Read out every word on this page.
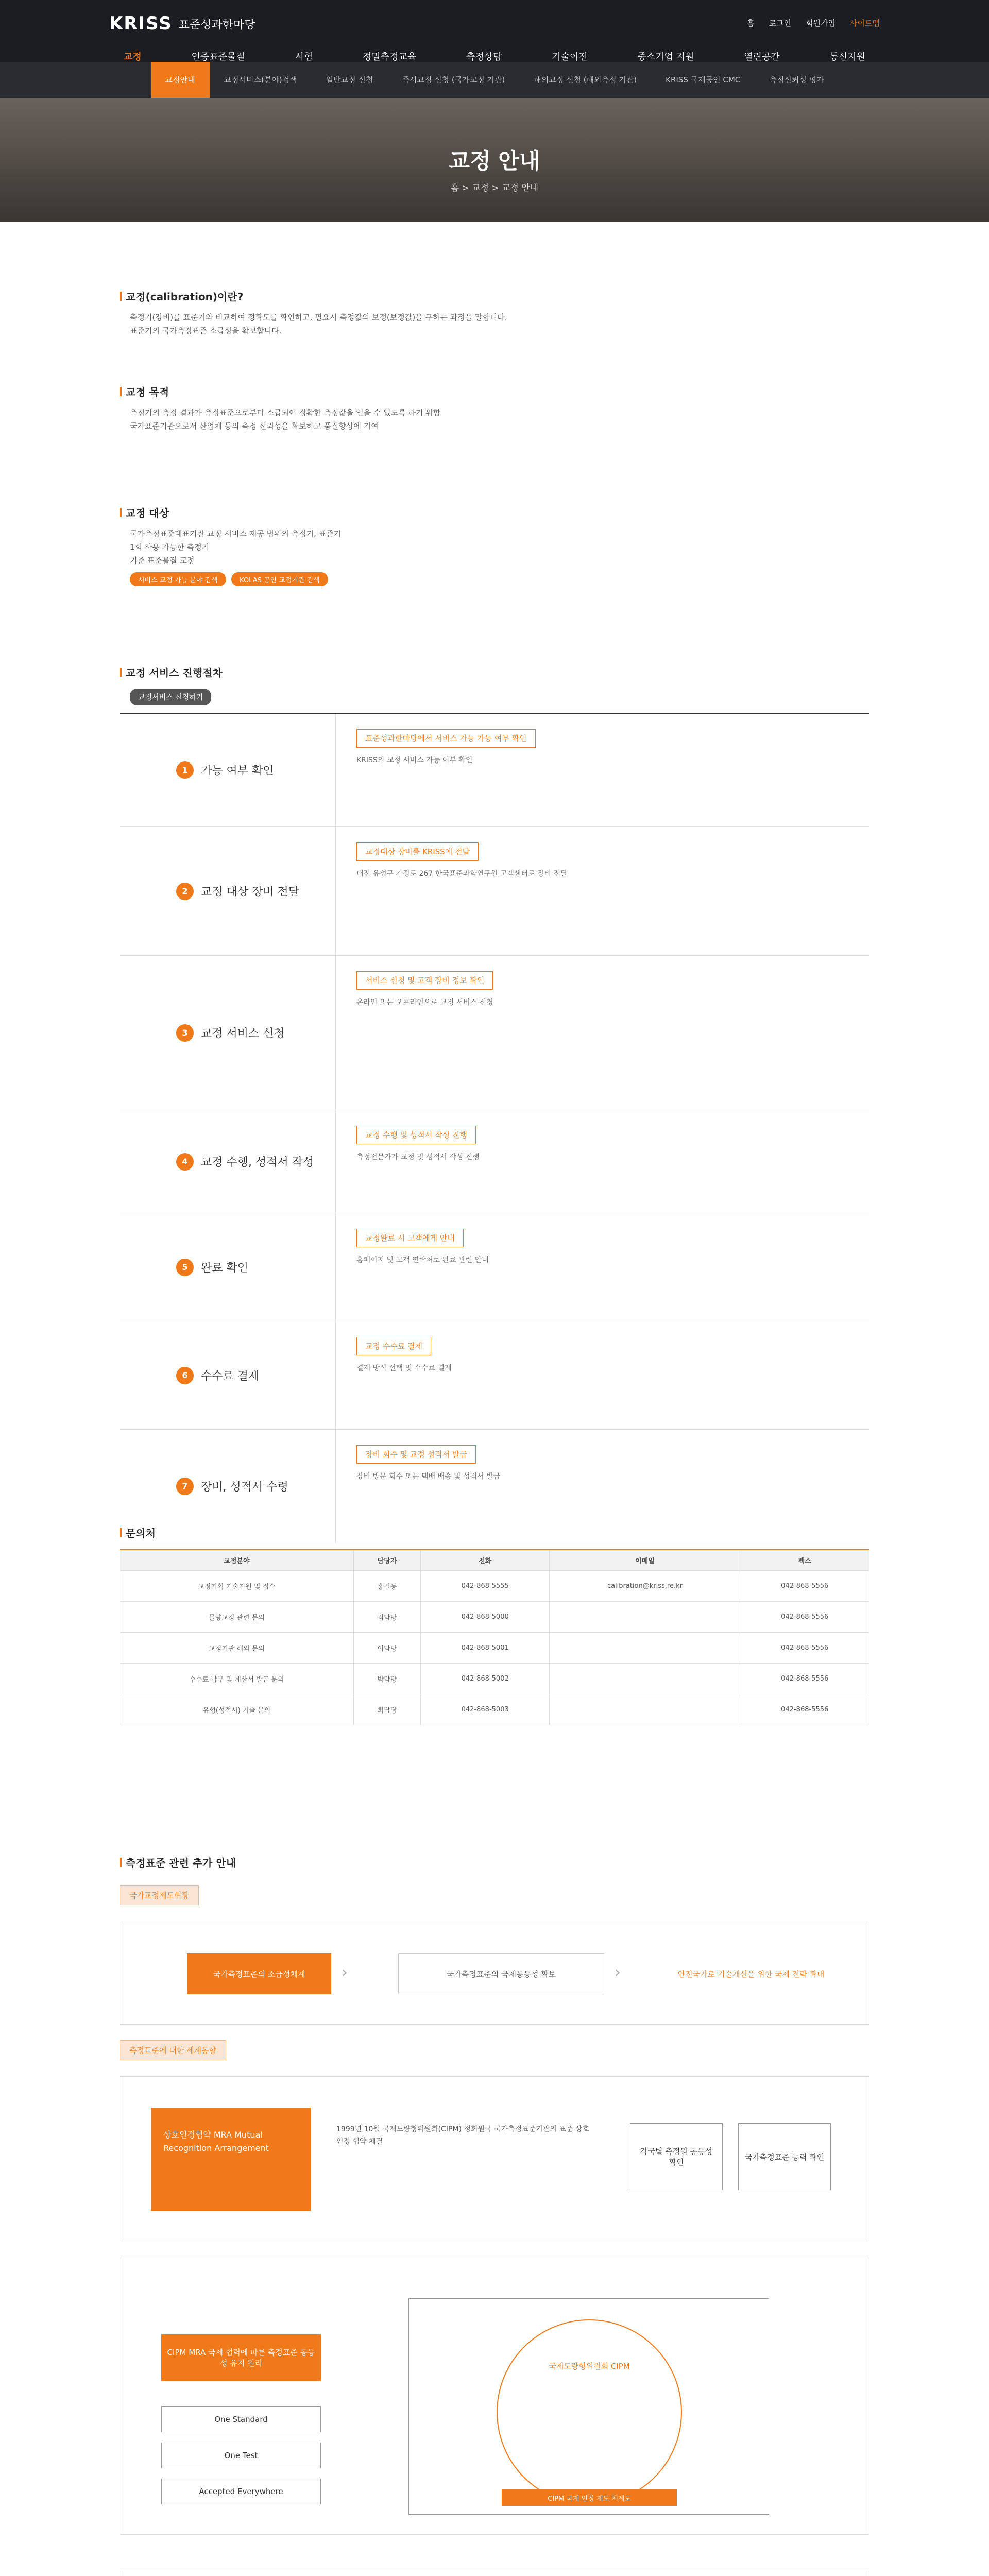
KRISS 표준성과한마당	홈 로그인 회원가입 사이트맵
교정	인증표준물질	시험	정밀측정교육	측정상담	기술이전	중소기업 지원	열린공간	통신지원
교정안내	교정서비스(분야)검색	일반교정 신청	즉시교정 신청 (국가교정 기관)	해외교정 신청 (해외측정 기관)	KRISS 국제공인 CMC	측정신뢰성 평가
교정 안내
홈 > 교정 > 교정 안내
교정(calibration)이란?

측정기(장비)를 표준기와 비교하여 정확도를 확인하고, 필요시 측정값의 보정(보정값)을 구하는 과정을 말합니다.

표준기의 국가측정표준 소급성을 확보합니다.

교정 목적

측정기의 측정 결과가 측정표준으로부터 소급되어 정확한 측정값을 얻을 수 있도록 하기 위함

국가표준기관으로서 산업체 등의 측정 신뢰성을 확보하고 품질향상에 기여

교정 대상

국가측정표준대표기관 교정 서비스 제공 범위의 측정기, 표준기

1회 사용 가능한 측정기

기준 표준물질 교정

서비스 교정 가능 분야 검색	KOLAS 공인 교정기관 검색
교정 서비스 진행절차
교정서비스 신청하기
1	가능 여부 확인
표준성과한마당에서 서비스 가능 가능 여부 확인
KRISS의 교정 서비스 가능 여부 확인
2	교정 대상 장비 전달
교정대상 장비를 KRISS에 전달
대전 유성구 가정로 267 한국표준과학연구원 고객센터로 장비 전달
3	교정 서비스 신청
서비스 신청 및 고객 장비 정보 확인
온라인 또는 오프라인으로 교정 서비스 신청
4	교정 수행, 성적서 작성
교정 수행 및 성적서 작성 진행
측정전문가가 교정 및 성적서 작성 진행
5	완료 확인
교정완료 시 고객에게 안내
홈페이지 및 고객 연락처로 완료 관련 안내
6	수수료 결제
교정 수수료 결제
결제 방식 선택 및 수수료 결제
7	장비, 성적서 수령
장비 회수 및 교정 성적서 발급
장비 방문 회수 또는 택배 배송 및 성적서 발급
문의처
교정분야	담당자	전화	이메일	팩스
교정기획 기술지원 및 접수	홍길동	042-868-5555	calibration@kriss.re.kr	042-868-5556
물량교정 관련 문의	김담당	042-868-5000		042-868-5556
교정기관 해외 문의	이담당	042-868-5001		042-868-5556
수수료 납부 및 계산서 발급 문의	박담당	042-868-5002		042-868-5556
유형(성적서) 기술 문의	최담당	042-868-5003		042-868-5556
측정표준 관련 추가 안내
국가교정제도현황
국가측정표준의 소급성체계	›	국가측정표준의 국제동등성 확보	›	안전국가로 기술개선을 위한 국제 전략 확대
측정표준에 대한 세계동향
상호인정협약 MRA Mutual Recognition Arrangement
1999년 10월 국제도량형위원회(CIPM) 정회원국 국가측정표준기관의 표준 상호인정 협약 체결
각국별 측정원 동등성 확인
국가측정표준 능력 확인
CIPM MRA 국제 협력에 따른 측정표준 동등성 유지 원리
One Standard
One Test
Accepted Everywhere
국제도량형위원회 CIPM
CIPM 국제 인정 제도 체계도
